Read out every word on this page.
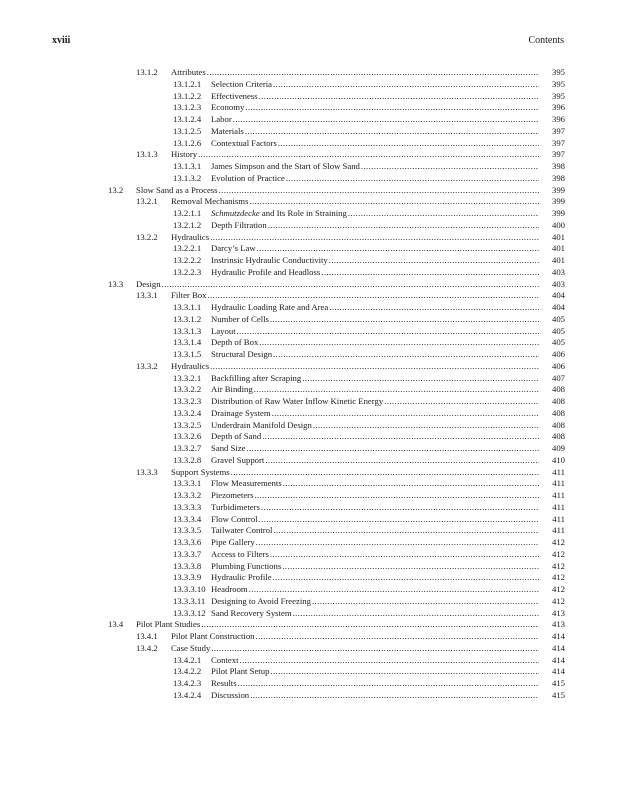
xviii	Contents
13.1.2 Attributes .....	395
13.1.2.1 Selection Criteria .....	395
13.1.2.2 Effectiveness .....	395
13.1.2.3 Economy .....	396
13.1.2.4 Labor .....	396
13.1.2.5 Materials .....	397
13.1.2.6 Contextual Factors .....	397
13.1.3 History .....	397
13.1.3.1 James Simpson and the Start of Slow Sand .....	398
13.1.3.2 Evolution of Practice .....	398
13.2 Slow Sand as a Process .....	399
13.2.1 Removal Mechanisms .....	399
13.2.1.1 Schmutzdecke and Its Role in Straining .....	399
13.2.1.2 Depth Filtration .....	400
13.2.2 Hydraulics .....	401
13.2.2.1 Darcy’s Law .....	401
13.2.2.2 Instrinsic Hydraulic Conductivity .....	401
13.2.2.3 Hydraulic Profile and Headloss .....	403
13.3 Design .....	403
13.3.1 Filter Box .....	404
13.3.1.1 Hydraulic Loading Rate and Area .....	404
13.3.1.2 Number of Cells .....	405
13.3.1.3 Layout .....	405
13.3.1.4 Depth of Box .....	405
13.3.1.5 Structural Design .....	406
13.3.2 Hydraulics .....	406
13.3.2.1 Backfilling after Scraping .....	407
13.3.2.2 Air Binding .....	408
13.3.2.3 Distribution of Raw Water Inflow Kinetic Energy .....	408
13.3.2.4 Drainage System .....	408
13.3.2.5 Underdrain Manifold Design .....	408
13.3.2.6 Depth of Sand .....	408
13.3.2.7 Sand Size .....	409
13.3.2.8 Gravel Support .....	410
13.3.3 Support Systems .....	411
13.3.3.1 Flow Measurements .....	411
13.3.3.2 Piezometers .....	411
13.3.3.3 Turbidimeters .....	411
13.3.3.4 Flow Control .....	411
13.3.3.5 Tailwater Control .....	411
13.3.3.6 Pipe Gallery .....	412
13.3.3.7 Access to Filters .....	412
13.3.3.8 Plumbing Functions .....	412
13.3.3.9 Hydraulic Profile .....	412
13.3.3.10 Headroom .....	412
13.3.3.11 Designing to Avoid Freezing .....	412
13.3.3.12 Sand Recovery System .....	413
13.4 Pilot Plant Studies .....	413
13.4.1 Pilot Plant Construction .....	414
13.4.2 Case Study .....	414
13.4.2.1 Context .....	414
13.4.2.2 Pilot Plant Setup .....	414
13.4.2.3 Results .....	415
13.4.2.4 Discussion .....	415
